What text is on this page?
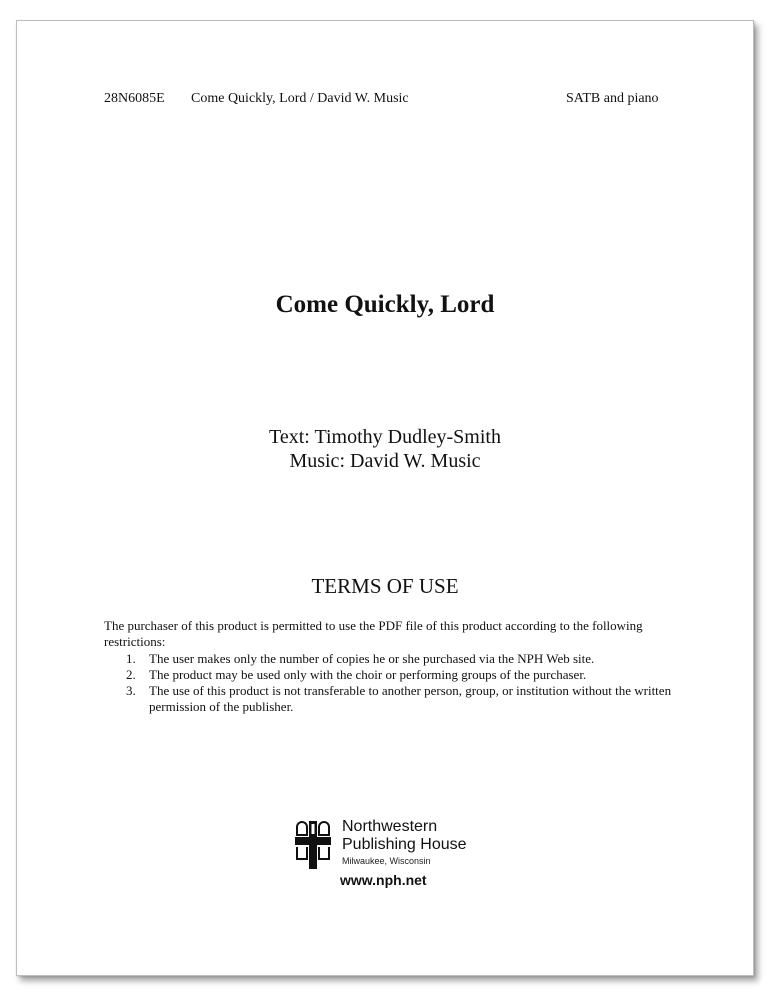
28N6085E Come Quickly, Lord / David W. Music	SATB and piano
Come Quickly, Lord
Text: Timothy Dudley-Smith
Music: David W. Music
TERMS OF USE
The purchaser of this product is permitted to use the PDF file of this product according to the following restrictions:
1. The user makes only the number of copies he or she purchased via the NPH Web site.
2. The product may be used only with the choir or performing groups of the purchaser.
3. The use of this product is not transferable to another person, group, or institution without the written permission of the publisher.
Northwestern
Publishing House
Milwaukee, Wisconsin
www.nph.net
